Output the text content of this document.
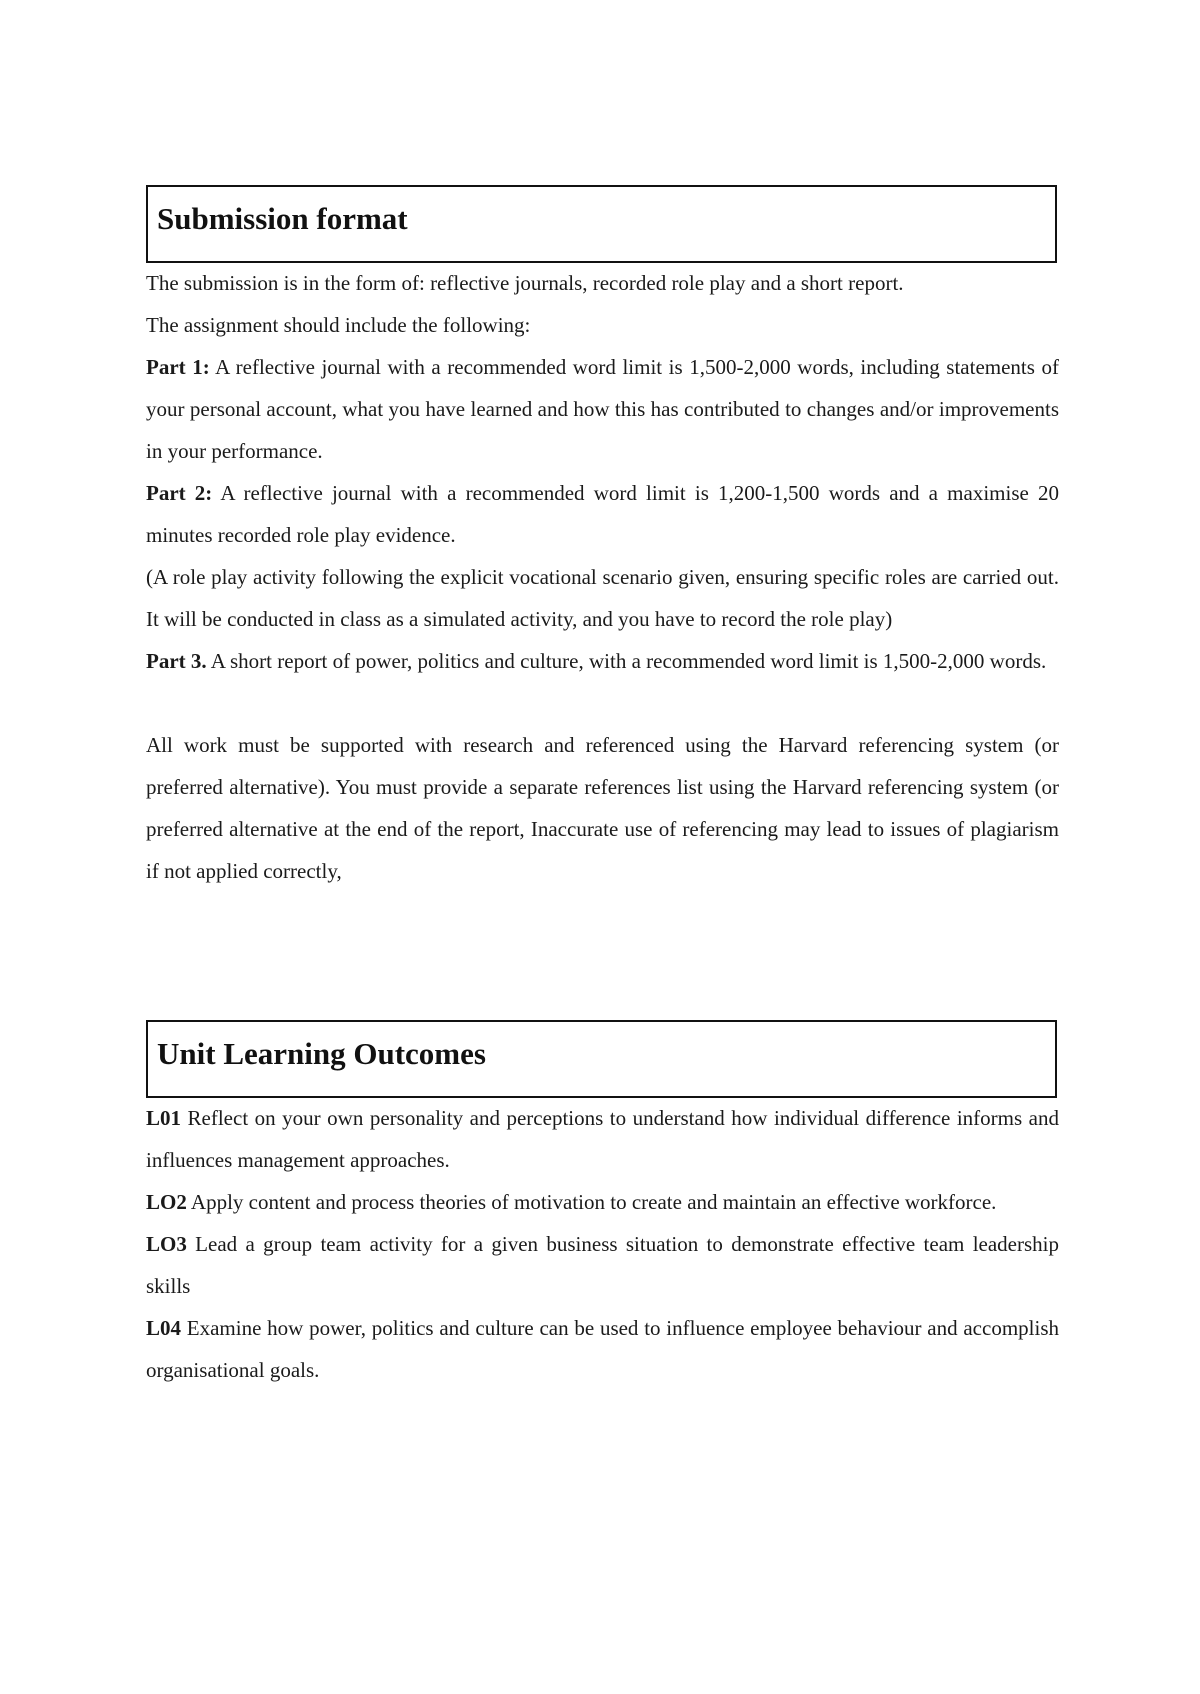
Submission format

The submission is in the form of: reflective journals, recorded role play and a short report.

The assignment should include the following:

Part 1: A reflective journal with a recommended word limit is 1,500-2,000 words, including statements of your personal account, what you have learned and how this has contributed to changes and/or improvements in your performance.

Part 2: A reflective journal with a recommended word limit is 1,200-1,500 words and a maximise 20 minutes recorded role play evidence.

(A role play activity following the explicit vocational scenario given, ensuring specific roles are carried out. It will be conducted in class as a simulated activity, and you have to record the role play)

Part 3. A short report of power, politics and culture, with a recommended word limit is 1,500-2,000 words.

All work must be supported with research and referenced using the Harvard referencing system (or preferred alternative). You must provide a separate references list using the Harvard referencing system (or preferred alternative at the end of the report, Inaccurate use of referencing may lead to issues of plagiarism if not applied correctly,

Unit Learning Outcomes

L01 Reflect on your own personality and perceptions to understand how individual difference informs and influences management approaches.

LO2 Apply content and process theories of motivation to create and maintain an effective workforce.

LO3 Lead a group team activity for a given business situation to demonstrate effective team leadership skills

L04 Examine how power, politics and culture can be used to influence employee behaviour and accomplish organisational goals.
